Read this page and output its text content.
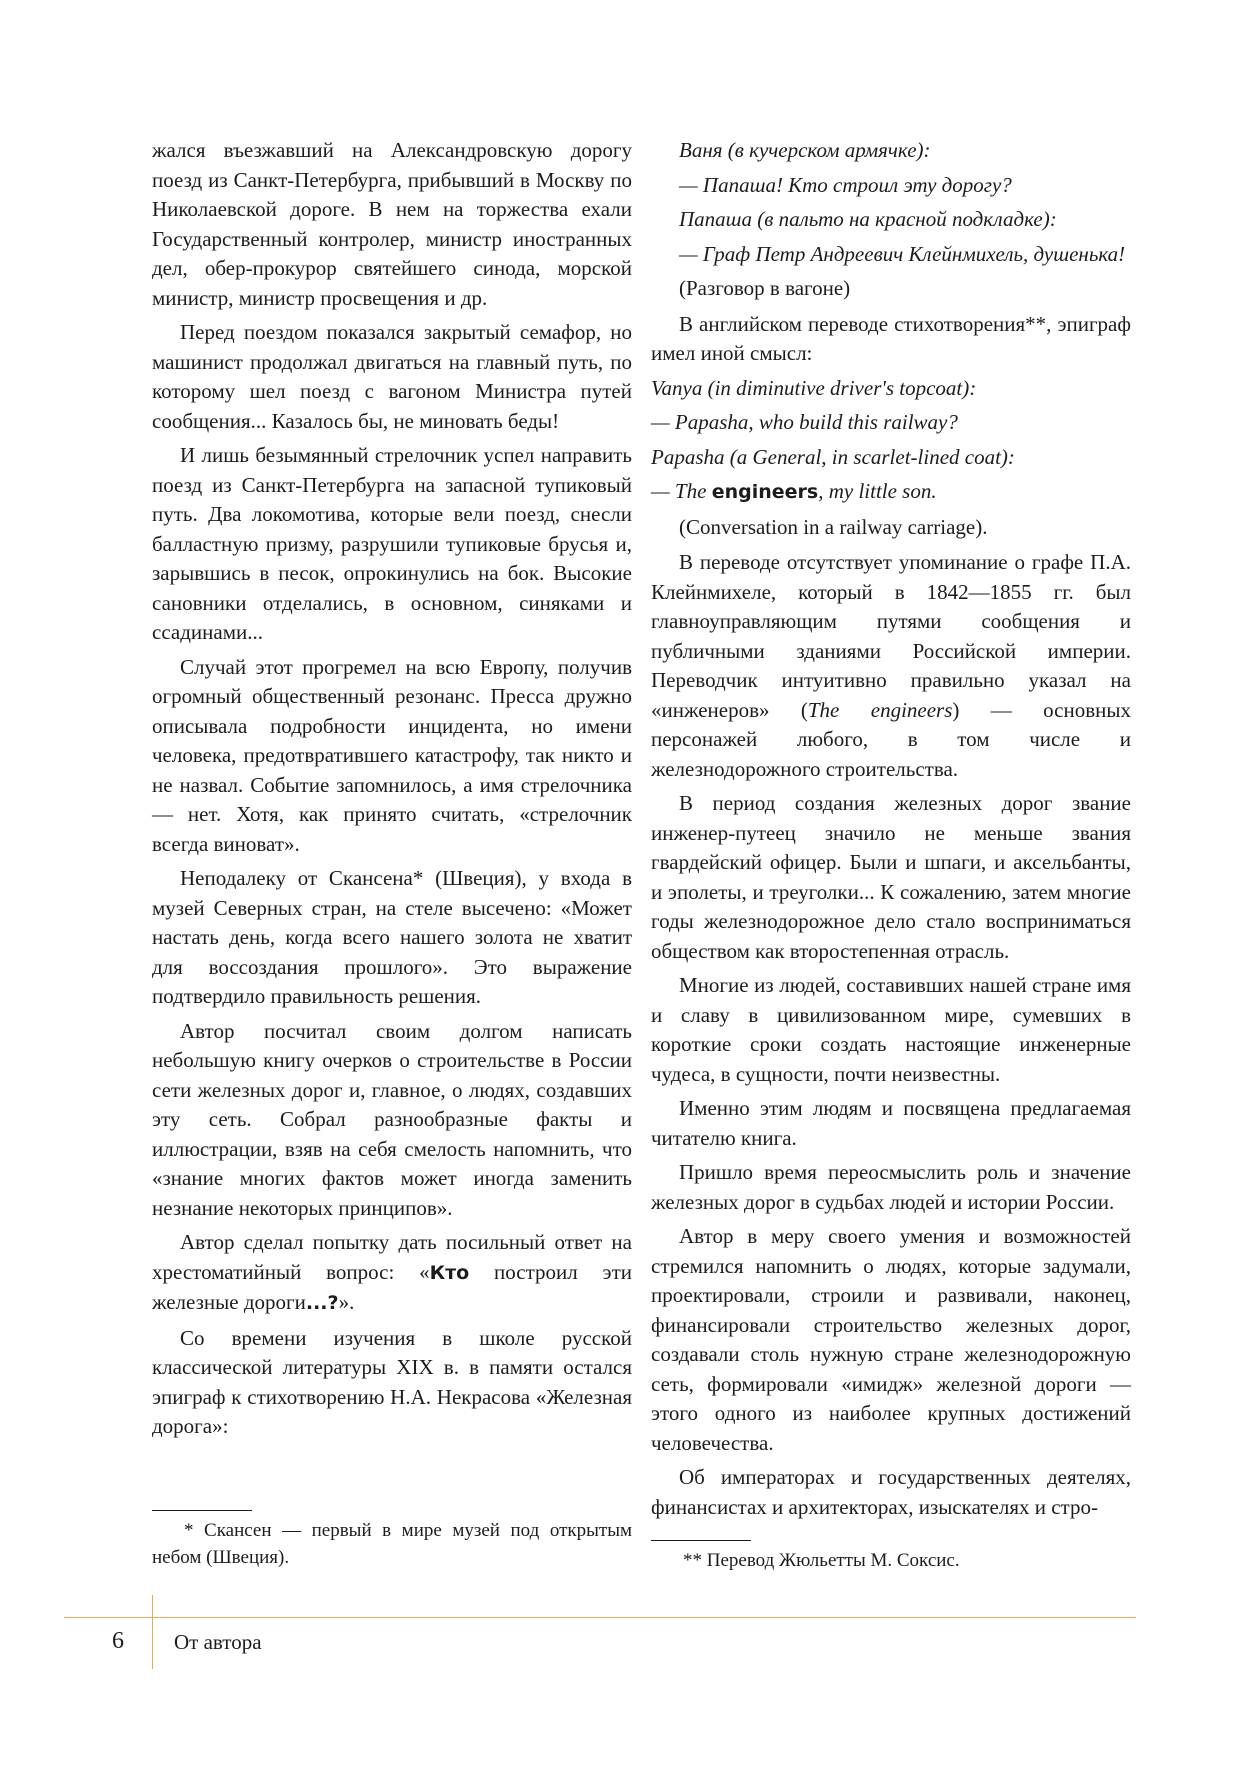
жался въезжавший на Александровскую дорогу поезд из Санкт-Петербурга, прибывший в Москву по Николаевской дороге. В нем на торжества ехали Государственный контролер, министр иностранных дел, обер-прокурор святейшего синода, морской министр, министр просвещения и др.

Перед поездом показался закрытый семафор, но машинист продолжал двигаться на главный путь, по которому шел поезд с вагоном Министра путей сообщения... Казалось бы, не миновать беды!

И лишь безымянный стрелочник успел направить поезд из Санкт-Петербурга на запасной тупиковый путь. Два локомотива, которые вели поезд, снесли балластную призму, разрушили тупиковые брусья и, зарывшись в песок, опрокинулись на бок. Высокие сановники отделались, в основном, синяками и ссадинами...

Случай этот прогремел на всю Европу, получив огромный общественный резонанс. Пресса дружно описывала подробности инцидента, но имени человека, предотвратившего катастрофу, так никто и не назвал. Событие запомнилось, а имя стрелочника — нет. Хотя, как принято считать, «стрелочник всегда виноват».

Неподалеку от Скансена* (Швеция), у входа в музей Северных стран, на стеле высечено: «Может настать день, когда всего нашего золота не хватит для воссоздания прошлого». Это выражение подтвердило правильность решения.

Автор посчитал своим долгом написать небольшую книгу очерков о строительстве в России сети железных дорог и, главное, о людях, создавших эту сеть. Собрал разнообразные факты и иллюстрации, взяв на себя смелость напомнить, что «знание многих фактов может иногда заменить незнание некоторых принципов».

Автор сделал попытку дать посильный ответ на хрестоматийный вопрос: «Кто построил эти железные дороги...?».

Со времени изучения в школе русской классической литературы XIX в. в памяти остался эпиграф к стихотворению Н.А. Некрасова «Железная дорога»:

Ваня (в кучерском армячке):

— Папаша! Кто строил эту дорогу?

Папаша (в пальто на красной подкладке):

— Граф Петр Андреевич Клейнмихель, душенька!

(Разговор в вагоне)

В английском переводе стихотворения**, эпиграф имел иной смысл:

Vanya (in diminutive driver's topcoat):

— Papasha, who build this railway?

Papasha (a General, in scarlet-lined coat):

— The engineers, my little son.

(Conversation in a railway carriage).

В переводе отсутствует упоминание о графе П.А. Клейнмихеле, который в 1842—1855 гг. был главноуправляющим путями сообщения и публичными зданиями Российской империи. Переводчик интуитивно правильно указал на «инженеров» (The engineers) — основных персонажей любого, в том числе и железнодорожного строительства.

В период создания железных дорог звание инженер-путеец значило не меньше звания гвардейский офицер. Были и шпаги, и аксельбанты, и эполеты, и треуголки... К сожалению, затем многие годы железнодорожное дело стало восприниматься обществом как второстепенная отрасль.

Многие из людей, составивших нашей стране имя и славу в цивилизованном мире, сумевших в короткие сроки создать настоящие инженерные чудеса, в сущности, почти неизвестны.

Именно этим людям и посвящена предлагаемая читателю книга.

Пришло время переосмыслить роль и значение железных дорог в судьбах людей и истории России.

Автор в меру своего умения и возможностей стремился напомнить о людях, которые задумали, проектировали, строили и развивали, наконец, финансировали строительство железных дорог, создавали столь нужную стране железнодорожную сеть, формировали «имидж» железной дороги — этого одного из наиболее крупных достижений человечества.

Об императорах и государственных деятелях, финансистах и архитекторах, изыскателях и стро-

* Скансен — первый в мире музей под открытым небом (Швеция).	** Перевод Жюльетты М. Соксис.

6 От автора
